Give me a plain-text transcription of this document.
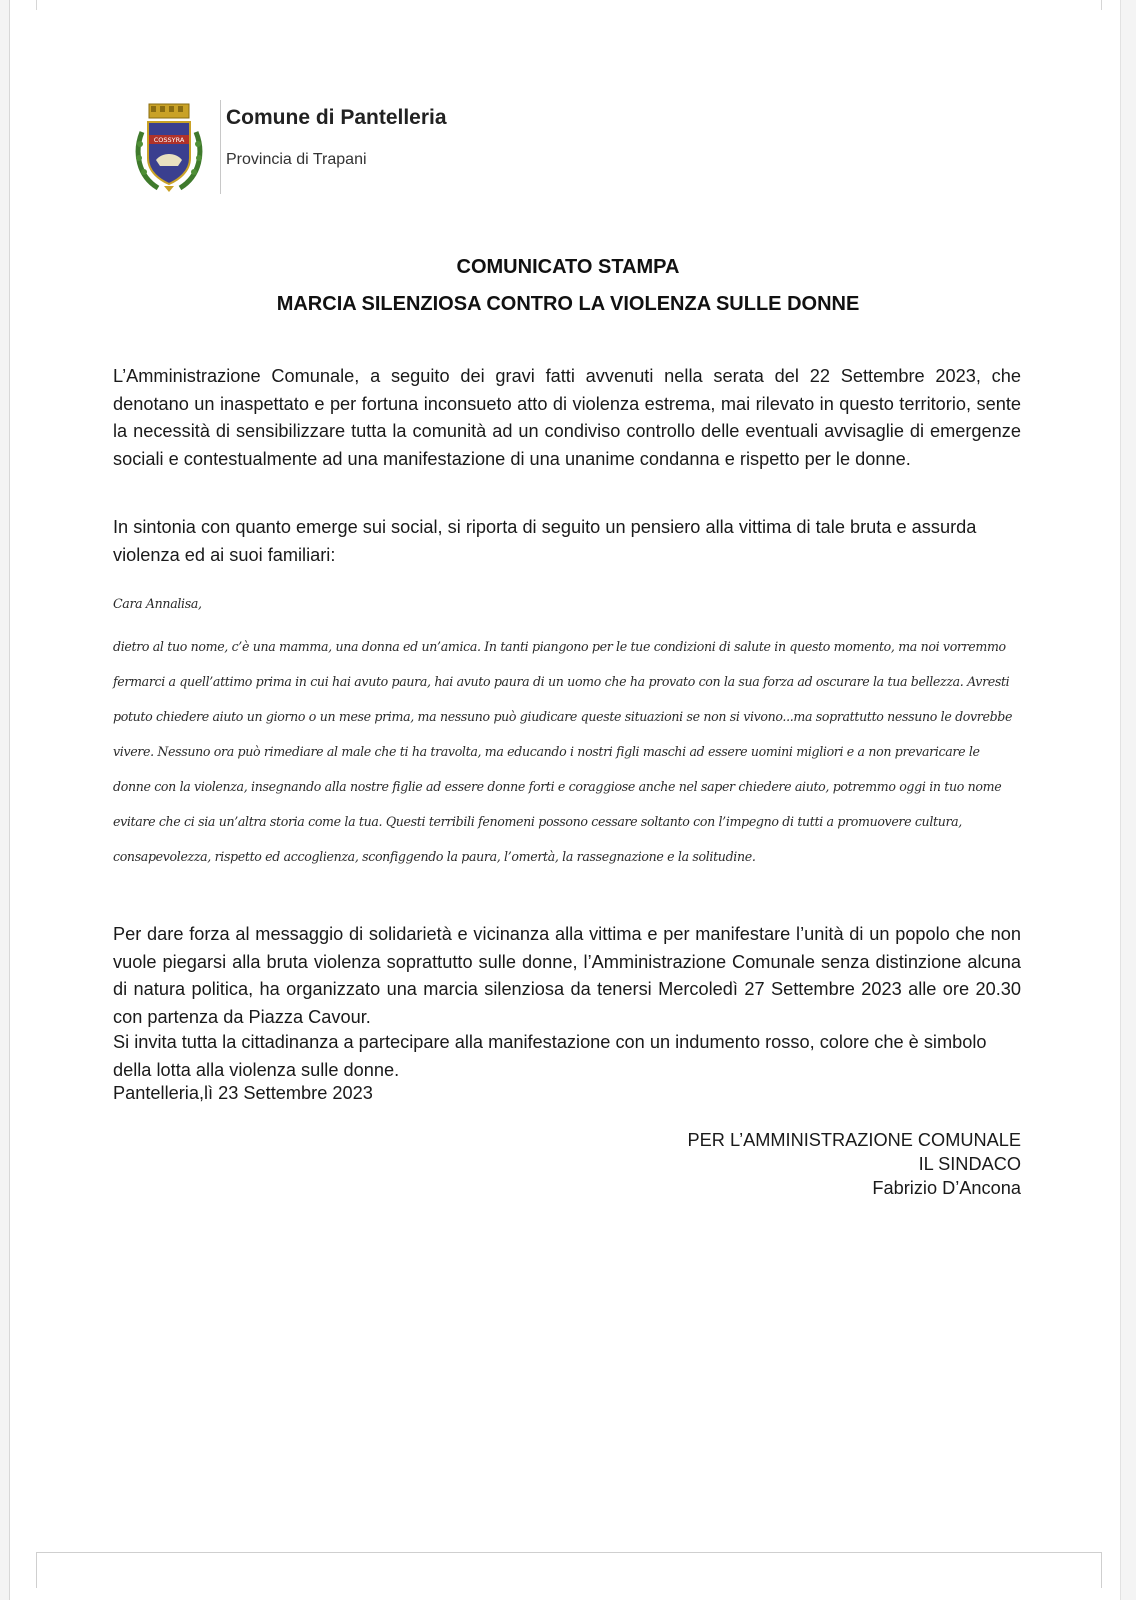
COSSYRA
Comune di Pantelleria
Provincia di Trapani
COMUNICATO STAMPA
MARCIA SILENZIOSA CONTRO LA VIOLENZA SULLE DONNE

L’Amministrazione Comunale, a seguito dei gravi fatti avvenuti nella serata del 22 Settembre 2023, che denotano un inaspettato e per fortuna inconsueto atto di violenza estrema, mai rilevato in questo territorio, sente la necessità di sensibilizzare tutta la comunità ad un condiviso controllo delle eventuali avvisaglie di emergenze sociali e contestualmente ad una manifestazione di una unanime condanna e rispetto per le donne.

In sintonia con quanto emerge sui social, si riporta di seguito un pensiero alla vittima di tale bruta e assurda violenza ed ai suoi familiari:

Cara Annalisa,

dietro al tuo nome, c’è una mamma, una donna ed un’amica. In tanti piangono per le tue condizioni di salute in questo momento, ma noi vorremmo fermarci a quell’attimo prima in cui hai avuto paura, hai avuto paura di un uomo che ha provato con la sua forza ad oscurare la tua bellezza. Avresti potuto chiedere aiuto un giorno o un mese prima, ma nessuno può giudicare queste situazioni se non si vivono...ma soprattutto nessuno le dovrebbe vivere. Nessuno ora può rimediare al male che ti ha travolta, ma educando i nostri figli maschi ad essere uomini migliori e a non prevaricare le donne con la violenza, insegnando alla nostre figlie ad essere donne forti e coraggiose anche nel saper chiedere aiuto, potremmo oggi in tuo nome evitare che ci sia un’altra storia come la tua. Questi terribili fenomeni possono cessare soltanto con l’impegno di tutti a promuovere cultura, consapevolezza, rispetto ed accoglienza, sconfiggendo la paura, l’omertà, la rassegnazione e la solitudine.

Per dare forza al messaggio di solidarietà e vicinanza alla vittima e per manifestare l’unità di un popolo che non vuole piegarsi alla bruta violenza soprattutto sulle donne, l’Amministrazione Comunale senza distinzione alcuna di natura politica, ha organizzato una marcia silenziosa da tenersi Mercoledì 27 Settembre 2023 alle ore 20.30 con partenza da Piazza Cavour.

Si invita tutta la cittadinanza a partecipare alla manifestazione con un indumento rosso, colore che è simbolo della lotta alla violenza sulle donne.

Pantelleria,lì 23 Settembre 2023
PER L’AMMINISTRAZIONE COMUNALE
IL SINDACO
Fabrizio D’Ancona
